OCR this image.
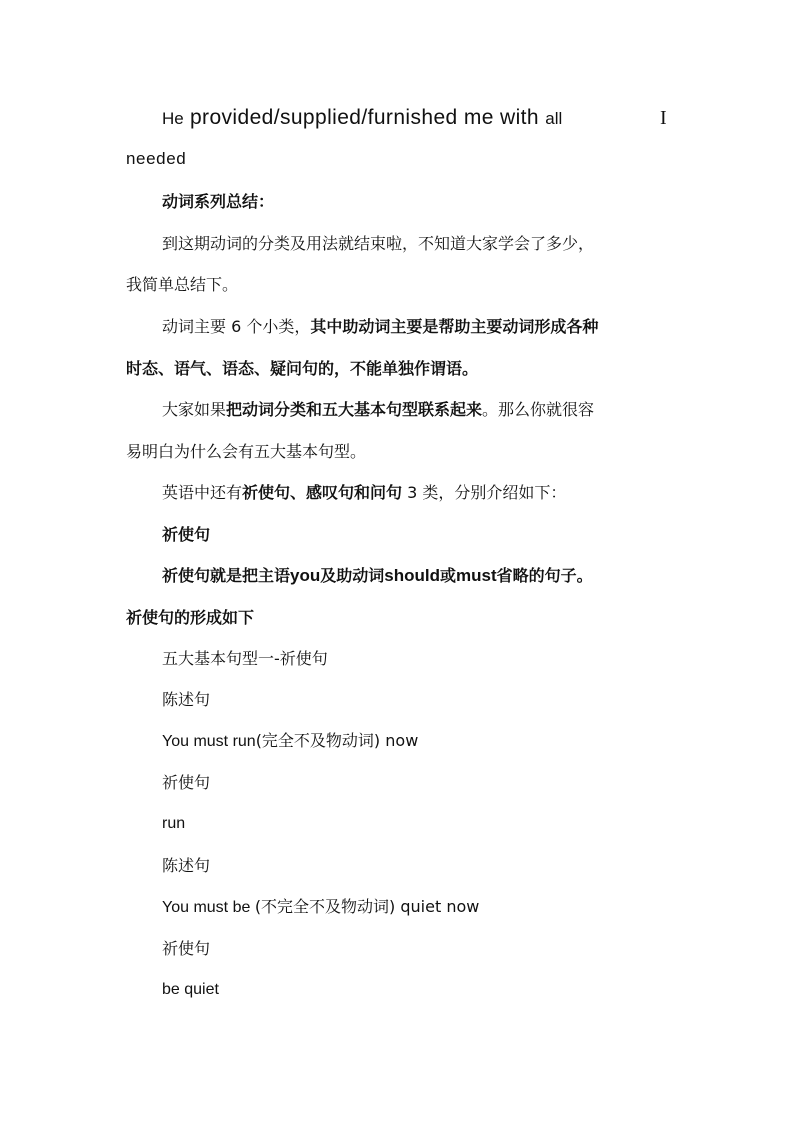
He provided/supplied/furnished me with all	I
needed
动词系列总结：
到这期动词的分类及用法就结束啦，不知道大家学会了多少，
我简单总结下。
动词主要 6 个小类，其中助动词主要是帮助主要动词形成各种
时态、语气、语态、疑问句的，不能单独作谓语。
大家如果把动词分类和五大基本句型联系起来。那么你就很容
易明白为什么会有五大基本句型。
英语中还有祈使句、感叹句和问句 3 类，分别介绍如下：
祈使句
祈使句就是把主语you及助动词should或must省略的句子。
祈使句的形成如下
五大基本句型一-祈使句
陈述句
You must run(完全不及物动词) now
祈使句
run
陈述句
You must be (不完全不及物动词) quiet now
祈使句
be quiet
